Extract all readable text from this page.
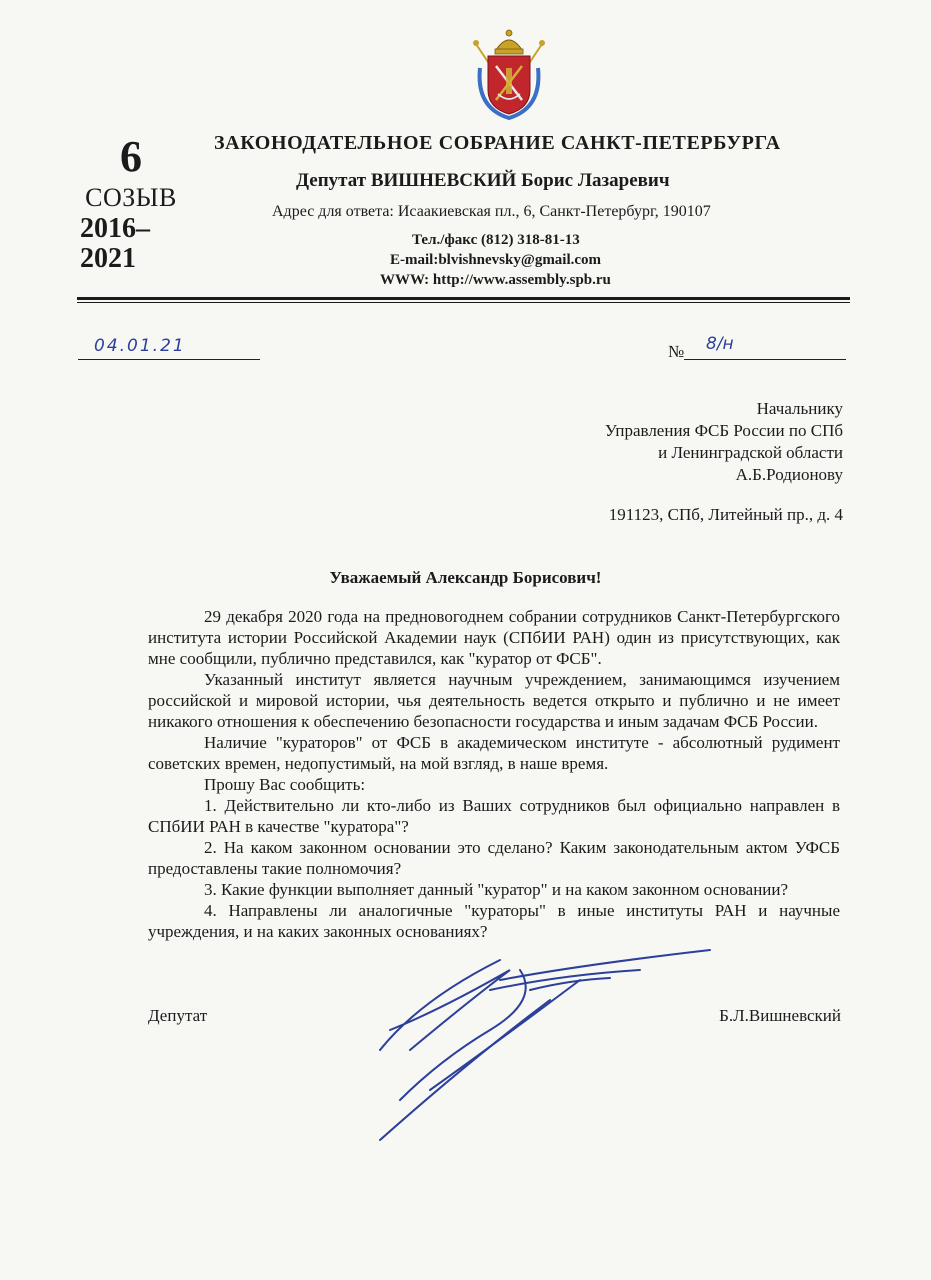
6
СОЗЫВ
2016–
2021
ЗАКОНОДАТЕЛЬНОЕ СОБРАНИЕ САНКТ-ПЕТЕРБУРГА
Депутат ВИШНЕВСКИЙ Борис Лазаревич
Адрес для ответа: Исаакиевская пл., 6, Санкт-Петербург, 190107
Тел./факс (812) 318-81-13
E-mail:blvishnevsky@gmail.com
WWW: http://www.assembly.spb.ru
04.01.21	№ 8/н
Начальнику
Управления ФСБ России по СПб
и Ленинградской области
А.Б.Родионову
191123, СПб, Литейный пр., д. 4
Уважаемый Александр Борисович!

29 декабря 2020 года на предновогоднем собрании сотрудников Санкт-Петербургского института истории Российской Академии наук (СПбИИ РАН) один из присутствующих, как мне сообщили, публично представился, как "куратор от ФСБ".

Указанный институт является научным учреждением, занимающимся изучением российской и мировой истории, чья деятельность ведется открыто и публично и не имеет никакого отношения к обеспечению безопасности государства и иным задачам ФСБ России.

Наличие "кураторов" от ФСБ в академическом институте - абсолютный рудимент советских времен, недопустимый, на мой взгляд, в наше время.

Прошу Вас сообщить:

1. Действительно ли кто-либо из Ваших сотрудников был официально направлен в СПбИИ РАН в качестве "куратора"?

2. На каком законном основании это сделано? Каким законодательным актом УФСБ предоставлены такие полномочия?

3. Какие функции выполняет данный "куратор" и на каком законном основании?

4. Направлены ли аналогичные "кураторы" в иные институты РАН и научные учреждения, и на каких законных основаниях?

Депутат	Б.Л.Вишневский
